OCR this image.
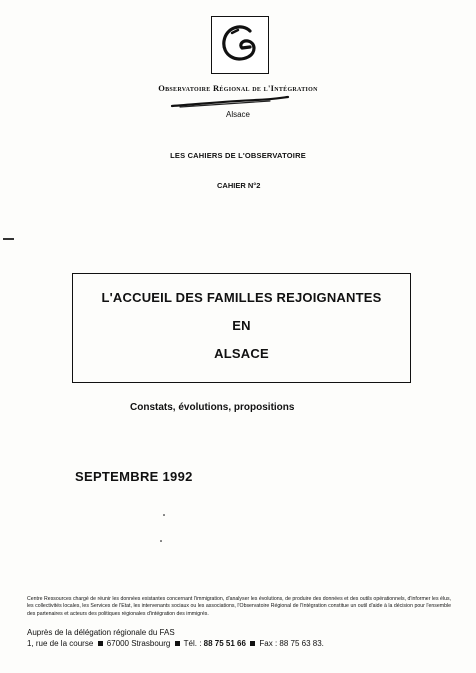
Observatoire Régional de l'Intégration
Alsace
LES CAHIERS DE L'OBSERVATOIRE
CAHIER N°2
L'ACCUEIL DES FAMILLES REJOIGNANTES
EN
ALSACE
Constats, évolutions, propositions
SEPTEMBRE 1992
Centre Ressources chargé de réunir les données existantes concernant l'immigration, d'analyser les évolutions, de produire des données et des outils opérationnels, d'informer les élus, les collectivités locales, les Services de l'Etat, les intervenants sociaux ou les associations, l'Observatoire Régional de l'Intégration constitue un outil d'aide à la décision pour l'ensemble des partenaires et acteurs des politiques régionales d'intégration des immigrés.
Auprès de la délégation régionale du FAS
1, rue de la course 67000 Strasbourg Tél. : 88 75 51 66 Fax : 88 75 63 83.
